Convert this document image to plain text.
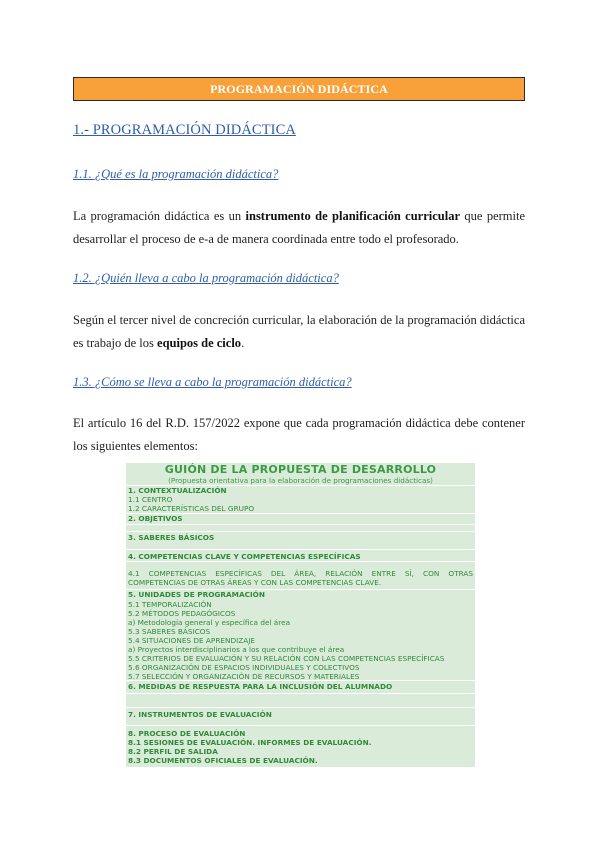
PROGRAMACIÓN DIDÁCTICA
1.- PROGRAMACIÓN DIDÁCTICA
1.1. ¿Qué es la programación didáctica?
La programación didáctica es un instrumento de planificación curricular que permite desarrollar el proceso de e-a de manera coordinada entre todo el profesorado.
1.2. ¿Quién lleva a cabo la programación didáctica?
Según el tercer nivel de concreción curricular, la elaboración de la programación didáctica es trabajo de los equipos de ciclo.
1.3. ¿Cómo se lleva a cabo la programación didáctica?
El artículo 16 del R.D. 157/2022 expone que cada programación didáctica debe contener los siguientes elementos:
GUIÓN DE LA PROPUESTA DE DESARROLLO
(Propuesta orientativa para la elaboración de programaciones didácticas)
1. CONTEXTUALIZACIÓN
1.1 CENTRO
1.2 CARACTERÍSTICAS DEL GRUPO
2. OBJETIVOS
3. SABERES BÁSICOS
4. COMPETENCIAS CLAVE Y COMPETENCIAS ESPECÍFICAS
4.1 COMPETENCIAS ESPECÍFICAS DEL ÁREA, RELACIÓN ENTRE SÍ, CON OTRAS
COMPETENCIAS DE OTRAS ÁREAS Y CON LAS COMPETENCIAS CLAVE.
5. UNIDADES DE PROGRAMACIÓN
5.1 TEMPORALIZACIÓN
5.2 MÉTODOS PEDAGÓGICOS
a) Metodología general y específica del área
5.3 SABERES BÁSICOS
5.4 SITUACIONES DE APRENDIZAJE
a) Proyectos interdisciplinarios a los que contribuye el área
5.5 CRITERIOS DE EVALUACIÓN Y SU RELACIÓN CON LAS COMPETENCIAS ESPECÍFICAS
5.6 ORGANIZACIÓN DE ESPACIOS INDIVIDUALES Y COLECTIVOS
5.7 SELECCIÓN Y ORGANIZACIÓN DE RECURSOS Y MATERIALES
6. MEDIDAS DE RESPUESTA PARA LA INCLUSIÓN DEL ALUMNADO
7. INSTRUMENTOS DE EVALUACIÓN
8. PROCESO DE EVALUACIÓN
8.1 SESIONES DE EVALUACIÓN. INFORMES DE EVALUACIÓN.
8.2 PERFIL DE SALIDA
8.3 DOCUMENTOS OFICIALES DE EVALUACIÓN.
